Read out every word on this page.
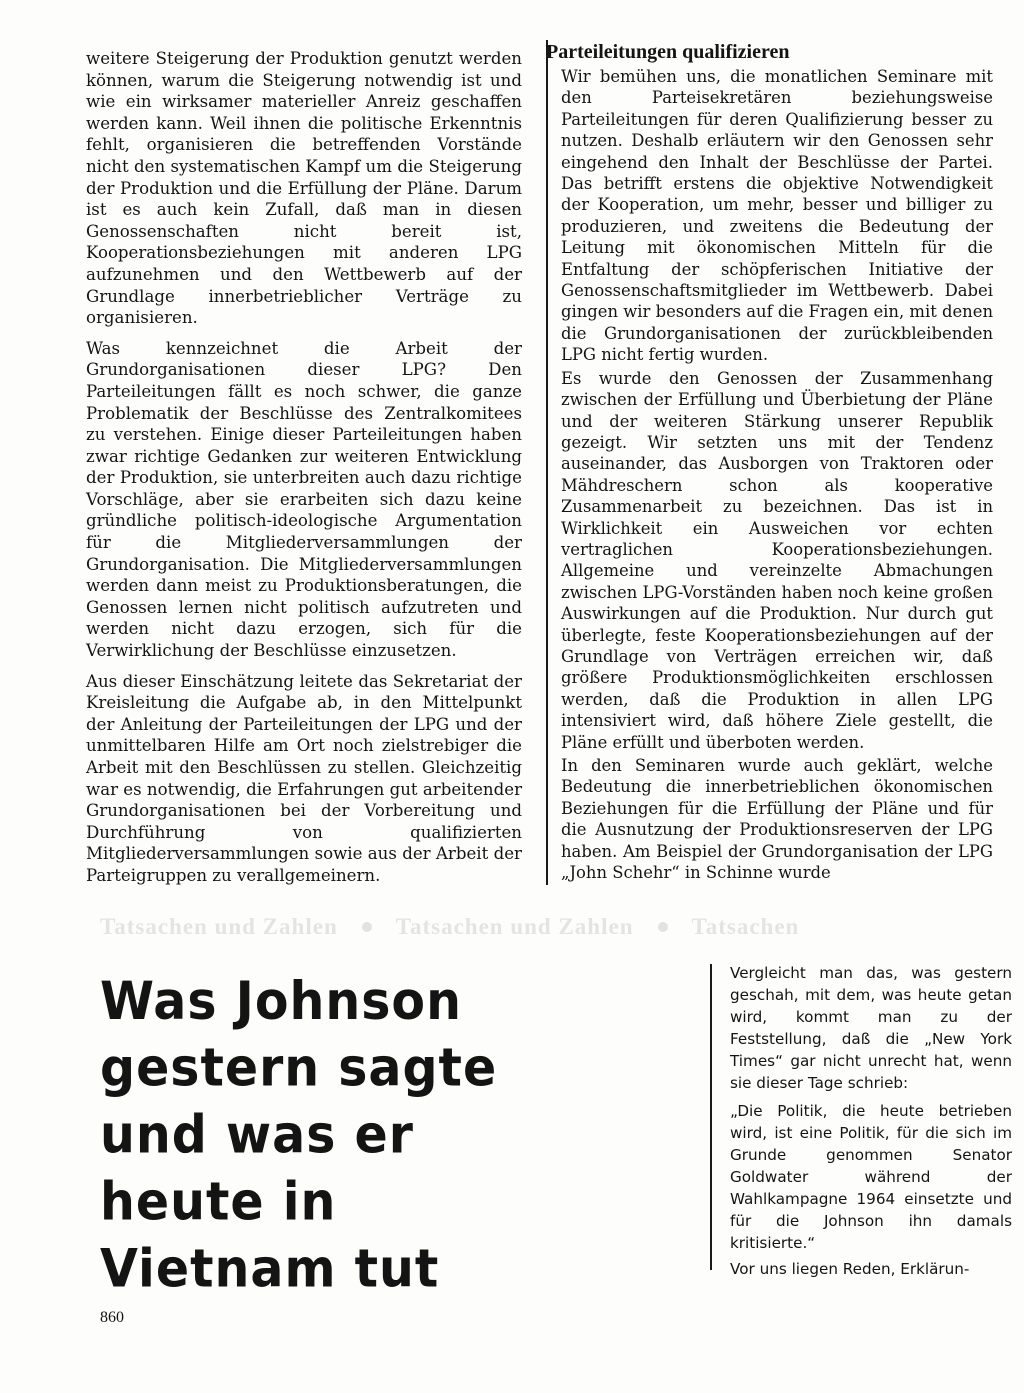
weitere Steigerung der Produktion genutzt werden können, warum die Steigerung notwendig ist und wie ein wirksamer materieller Anreiz geschaffen werden kann. Weil ihnen die politische Erkenntnis fehlt, organisieren die betreffenden Vorstände nicht den systematischen Kampf um die Steigerung der Produktion und die Erfüllung der Pläne. Darum ist es auch kein Zufall, daß man in diesen Genossenschaften nicht bereit ist, Kooperationsbeziehungen mit anderen LPG aufzunehmen und den Wettbewerb auf der Grundlage innerbetrieblicher Verträge zu organisieren.

Was kennzeichnet die Arbeit der Grundorganisationen dieser LPG? Den Parteileitungen fällt es noch schwer, die ganze Problematik der Beschlüsse des Zentralkomitees zu verstehen. Einige dieser Parteileitungen haben zwar richtige Gedanken zur weiteren Entwicklung der Produktion, sie unterbreiten auch dazu richtige Vorschläge, aber sie erarbeiten sich dazu keine gründliche politisch-ideologische Argumentation für die Mitgliederversammlungen der Grundorganisation. Die Mitgliederversammlungen werden dann meist zu Produktionsberatungen, die Genossen lernen nicht politisch aufzutreten und werden nicht dazu erzogen, sich für die Verwirklichung der Beschlüsse einzusetzen.

Aus dieser Einschätzung leitete das Sekretariat der Kreisleitung die Aufgabe ab, in den Mittelpunkt der Anleitung der Parteileitungen der LPG und der unmittelbaren Hilfe am Ort noch zielstrebiger die Arbeit mit den Beschlüssen zu stellen. Gleichzeitig war es notwendig, die Erfahrungen gut arbeitender Grundorganisationen bei der Vorbereitung und Durchführung von qualifizierten Mitgliederversammlungen sowie aus der Arbeit der Parteigruppen zu verallgemeinern.

Parteileitungen qualifizieren

Wir bemühen uns, die monatlichen Seminare mit den Parteisekretären beziehungsweise Parteileitungen für deren Qualifizierung besser zu nutzen. Deshalb erläutern wir den Genossen sehr eingehend den Inhalt der Beschlüsse der Partei. Das betrifft erstens die objektive Notwendigkeit der Kooperation, um mehr, besser und billiger zu produzieren, und zweitens die Bedeutung der Leitung mit ökonomischen Mitteln für die Entfaltung der schöpferischen Initiative der Genossenschaftsmitglieder im Wettbewerb. Dabei gingen wir besonders auf die Fragen ein, mit denen die Grundorganisationen der zurückbleibenden LPG nicht fertig wurden.

Es wurde den Genossen der Zusammenhang zwischen der Erfüllung und Überbietung der Pläne und der weiteren Stärkung unserer Republik gezeigt. Wir setzten uns mit der Tendenz auseinander, das Ausborgen von Traktoren oder Mähdreschern schon als kooperative Zusammenarbeit zu bezeichnen. Das ist in Wirklichkeit ein Ausweichen vor echten vertraglichen Kooperationsbeziehungen. Allgemeine und vereinzelte Abmachungen zwischen LPG-Vorständen haben noch keine großen Auswirkungen auf die Produktion. Nur durch gut überlegte, feste Kooperationsbeziehungen auf der Grundlage von Verträgen erreichen wir, daß größere Produktionsmöglichkeiten erschlossen werden, daß die Produktion in allen LPG intensiviert wird, daß höhere Ziele gestellt, die Pläne erfüllt und überboten werden.

In den Seminaren wurde auch geklärt, welche Bedeutung die innerbetrieblichen ökonomischen Beziehungen für die Erfüllung der Pläne und für die Ausnutzung der Produktionsreserven der LPG haben. Am Beispiel der Grundorganisation der LPG „John Schehr“ in Schinne wurde

Tatsachen und Zahlen	Tatsachen und Zahlen	Tatsachen
Was Johnson
gestern sagte
und was er
heute in
Vietnam tut

Vergleicht man das, was gestern geschah, mit dem, was heute getan wird, kommt man zu der Feststellung, daß die „New York Times“ gar nicht unrecht hat, wenn sie dieser Tage schrieb:

„Die Politik, die heute betrieben wird, ist eine Politik, für die sich im Grunde genommen Senator Goldwater während der Wahlkampagne 1964 einsetzte und für die Johnson ihn damals kritisierte.“

Vor uns liegen Reden, Erklärun-

860
